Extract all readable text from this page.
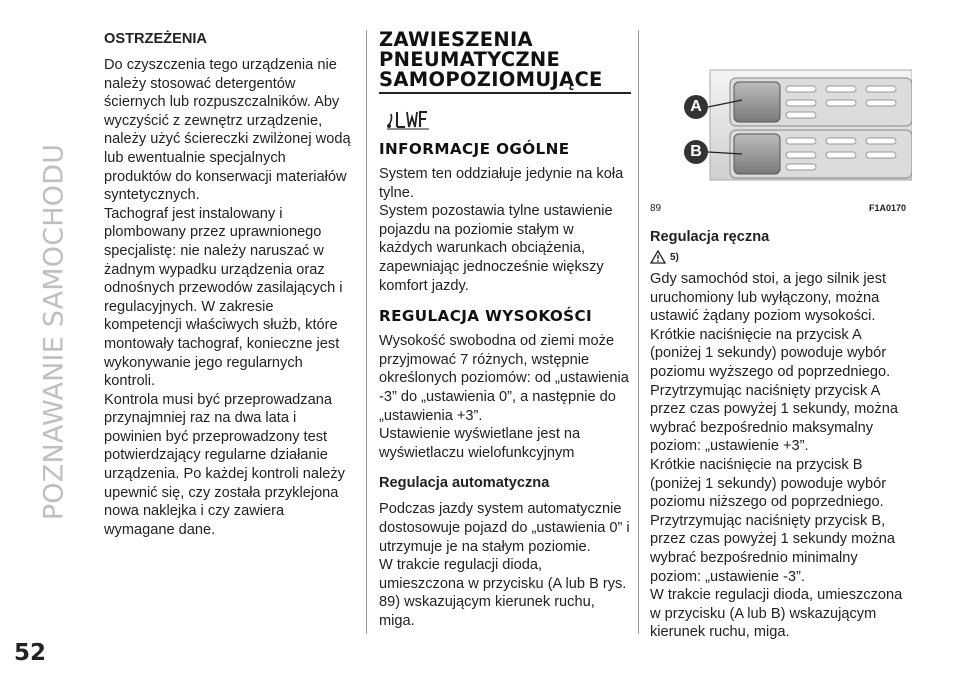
POZNAWANIE SAMOCHODU
52
OSTRZEŻENIA

Do czyszczenia tego urządzenia nie należy stosować detergentów ściernych lub rozpuszczalników. Aby wyczyścić z zewnętrz urządzenie, należy użyć ściereczki zwilżonej wodą lub ewentualnie specjalnych produktów do konserwacji materiałów syntetycznych.

Tachograf jest instalowany i plombowany przez uprawnionego specjalistę: nie należy naruszać w żadnym wypadku urządzenia oraz odnośnych przewodów zasilających i regulacyjnych. W zakresie kompetencji właściwych służb, które montowały tachograf, konieczne jest wykonywanie jego regularnych kontroli.

Kontrola musi być przeprowadzana przynajmniej raz na dwa lata i powinien być przeprowadzony test potwierdzający regularne działanie urządzenia. Po każdej kontroli należy upewnić się, czy została przyklejona nowa naklejka i czy zawiera wymagane dane.

ZAWIESZENIA PNEUMATYCZNE SAMOPOZIOMUJĄCE
INFORMACJE OGÓLNE

System ten oddziałuje jedynie na koła tylne.

System pozostawia tylne ustawienie pojazdu na poziomie stałym w każdych warunkach obciążenia, zapewniając jednocześnie większy komfort jazdy.

REGULACJA WYSOKOŚCI

Wysokość swobodna od ziemi może przyjmować 7 różnych, wstępnie określonych poziomów: od „ustawienia -3” do „ustawienia 0”, a następnie do „ustawienia +3”.

Ustawienie wyświetlane jest na wyświetlaczu wielofunkcyjnym

Regulacja automatyczna

Podczas jazdy system automatycznie dostosowuje pojazd do „ustawienia 0” i utrzymuje je na stałym poziomie.

W trakcie regulacji dioda, umieszczona w przycisku (A lub B rys. 89) wskazującym kierunek ruchu, miga.

A
B
89	F1A0170
Regulacja ręczna
5)

Gdy samochód stoi, a jego silnik jest uruchomiony lub wyłączony, można ustawić żądany poziom wysokości.

Krótkie naciśnięcie na przycisk A (poniżej 1 sekundy) powoduje wybór poziomu wyższego od poprzedniego.

Przytrzymując naciśnięty przycisk A przez czas powyżej 1 sekundy, można wybrać bezpośrednio maksymalny poziom: „ustawienie +3”.

Krótkie naciśnięcie na przycisk B (poniżej 1 sekundy) powoduje wybór poziomu niższego od poprzedniego.

Przytrzymując naciśnięty przycisk B, przez czas powyżej 1 sekundy można wybrać bezpośrednio minimalny poziom: „ustawienie -3”.

W trakcie regulacji dioda, umieszczona w przycisku (A lub B) wskazującym kierunek ruchu, miga.
